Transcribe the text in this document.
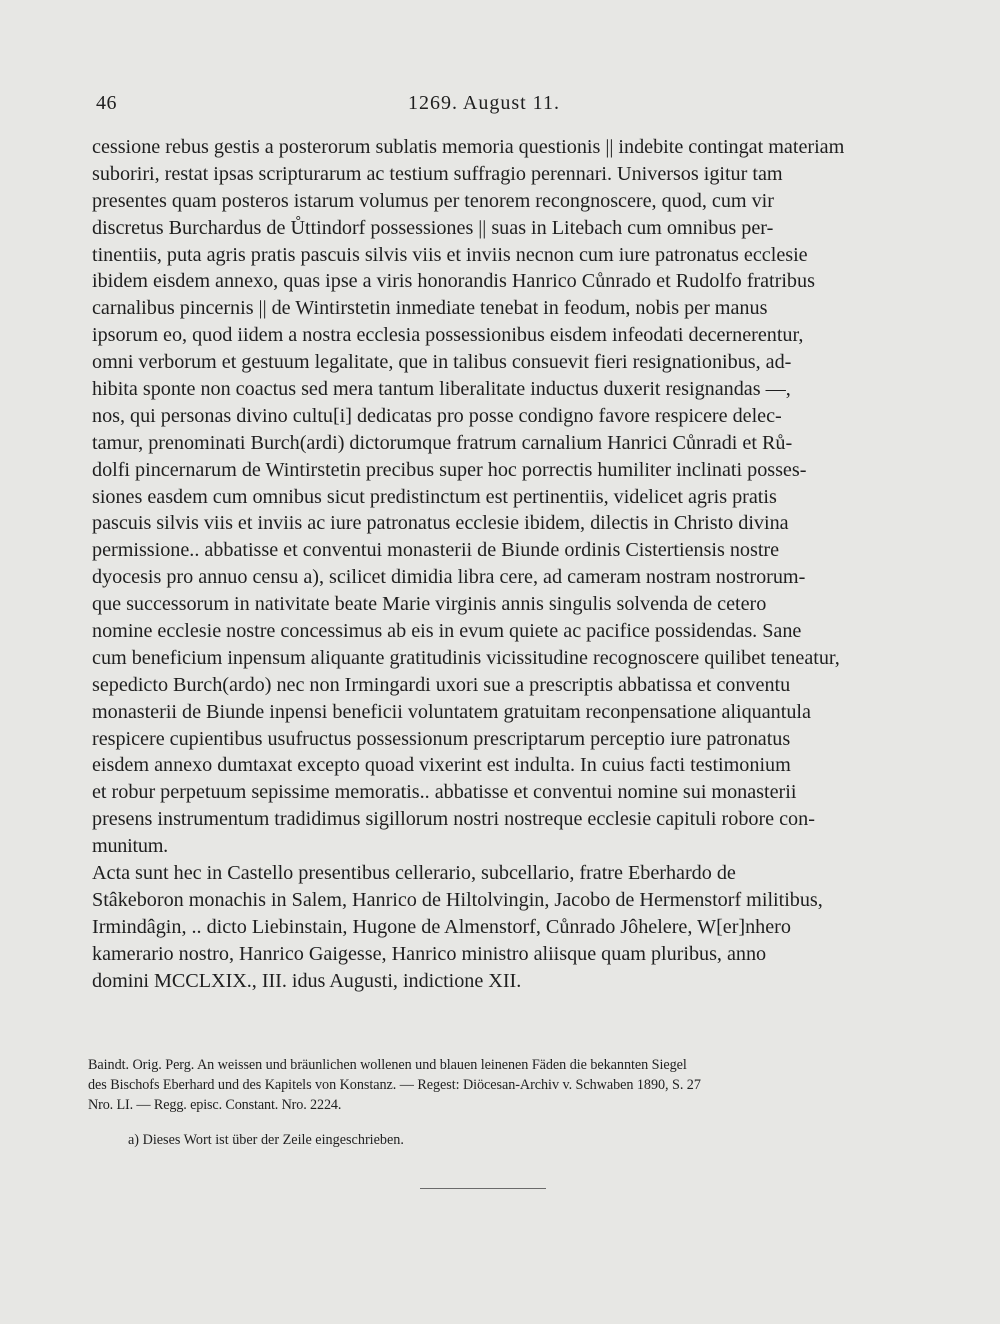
46	1269. August 11.
cessione rebus gestis a posterorum sublatis memoria questionis || indebite contingat materiam
suboriri, restat ipsas scripturarum ac testium suffragio perennari. Universos igitur tam
presentes quam posteros istarum volumus per tenorem recongnoscere, quod, cum vir
discretus Burchardus de Ůttindorf possessiones || suas in Litebach cum omnibus per-
tinentiis, puta agris pratis pascuis silvis viis et inviis necnon cum iure patronatus ecclesie
ibidem eisdem annexo, quas ipse a viris honorandis Hanrico Cůnrado et Rudolfo fratribus
carnalibus pincernis || de Wintirstetin inmediate tenebat in feodum, nobis per manus
ipsorum eo, quod iidem a nostra ecclesia possessionibus eisdem infeodati decernerentur,
omni verborum et gestuum legalitate, que in talibus consuevit fieri resignationibus, ad-
hibita sponte non coactus sed mera tantum liberalitate inductus duxerit resignandas —,
nos, qui personas divino cultu[i] dedicatas pro posse condigno favore respicere delec-
tamur, prenominati Burch(ardi) dictorumque fratrum carnalium Hanrici Cůnradi et Rů-
dolfi pincernarum de Wintirstetin precibus super hoc porrectis humiliter inclinati posses-
siones easdem cum omnibus sicut predistinctum est pertinentiis, videlicet agris pratis
pascuis silvis viis et inviis ac iure patronatus ecclesie ibidem, dilectis in Christo divina
permissione.. abbatisse et conventui monasterii de Biunde ordinis Cistertiensis nostre
dyocesis pro annuo censu a), scilicet dimidia libra cere, ad cameram nostram nostrorum-
que successorum in nativitate beate Marie virginis annis singulis solvenda de cetero
nomine ecclesie nostre concessimus ab eis in evum quiete ac pacifice possidendas. Sane
cum beneficium inpensum aliquante gratitudinis vicissitudine recognoscere quilibet teneatur,
sepedicto Burch(ardo) nec non Irmingardi uxori sue a prescriptis abbatissa et conventu
monasterii de Biunde inpensi beneficii voluntatem gratuitam reconpensatione aliquantula
respicere cupientibus usufructus possessionum prescriptarum perceptio iure patronatus
eisdem annexo dumtaxat excepto quoad vixerint est indulta. In cuius facti testimonium
et robur perpetuum sepissime memoratis.. abbatisse et conventui nomine sui monasterii
presens instrumentum tradidimus sigillorum nostri nostreque ecclesie capituli robore con-
munitum.
Acta sunt hec in Castello presentibus cellerario, subcellario, fratre Eberhardo de
Stâkeboron monachis in Salem, Hanrico de Hiltolvingin, Jacobo de Hermenstorf militibus,
Irmindâgin, .. dicto Liebinstain, Hugone de Almenstorf, Cůnrado Jôhelere, W[er]nhero
kamerario nostro, Hanrico Gaigesse, Hanrico ministro aliisque quam pluribus, anno
domini MCCLXIX., III. idus Augusti, indictione XII.
Baindt. Orig. Perg. An weissen und bräunlichen wollenen und blauen leinenen Fäden die bekannten Siegel
des Bischofs Eberhard und des Kapitels von Konstanz. — Regest: Diöcesan-Archiv v. Schwaben 1890, S. 27
Nro. LI. — Regg. episc. Constant. Nro. 2224.
a) Dieses Wort ist über der Zeile eingeschrieben.
